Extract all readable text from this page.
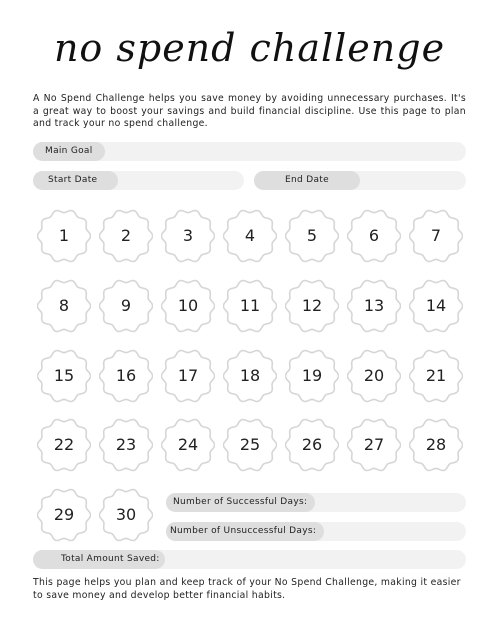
no spend challenge
A No Spend Challenge helps you save money by avoiding unnecessary purchases. It's a great way to boost your savings and build financial discipline. Use this page to plan and track your no spend challenge.
Main Goal
Start Date	End Date
1	2	3	4	5	6	7
8	9	10	11	12	13	14
15	16	17	18	19	20	21
22	23	24	25	26	27	28
29	30
Number of Successful Days:
Number of Unsuccessful Days:
Total Amount Saved:
This page helps you plan and keep track of your No Spend Challenge, making it easier to save money and develop better financial habits.
